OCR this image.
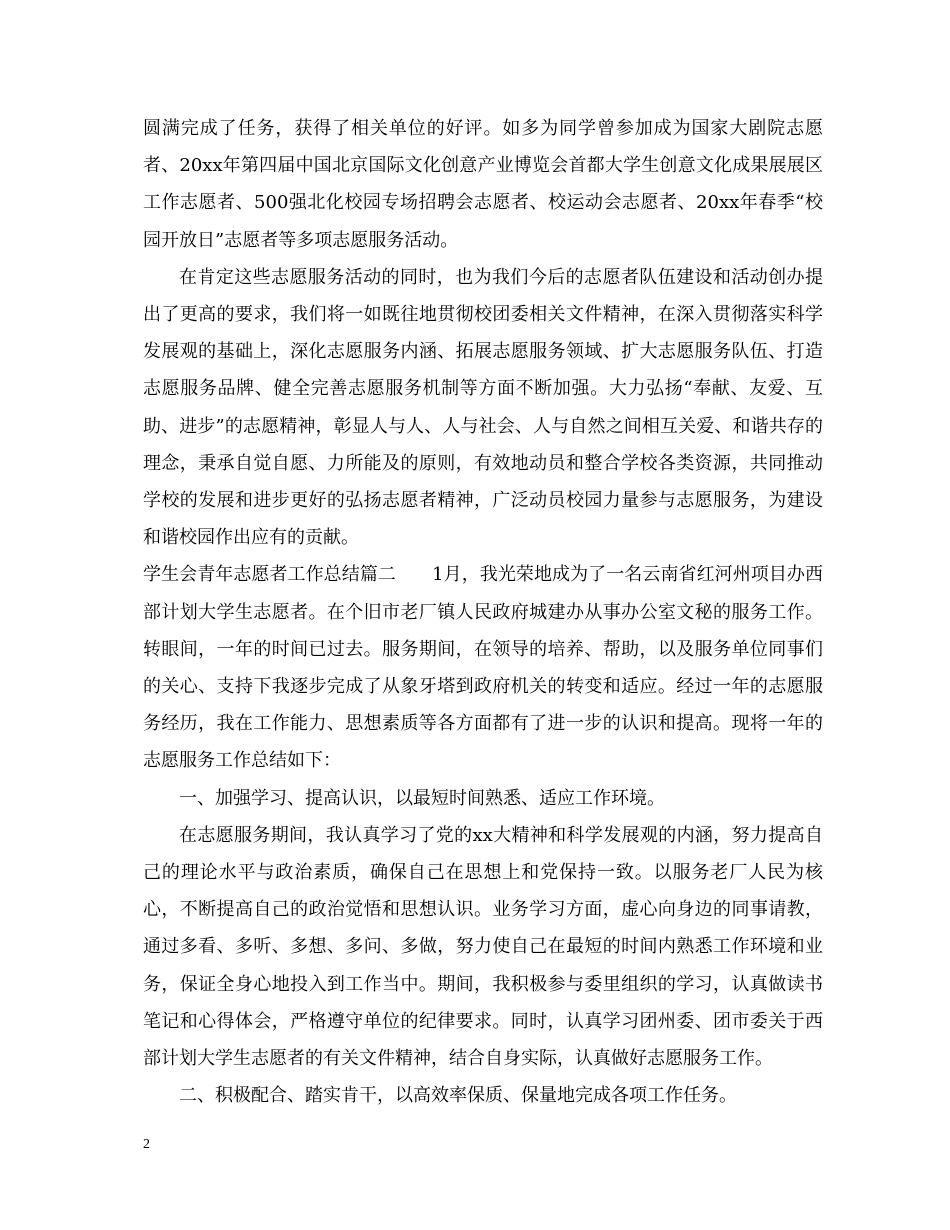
圆满完成了任务，获得了相关单位的好评。如多为同学曾参加成为国家大剧院志愿者、20xx年第四届中国北京国际文化创意产业博览会首都大学生创意文化成果展展区工作志愿者、500强北化校园专场招聘会志愿者、校运动会志愿者、20xx年春季“校园开放日”志愿者等多项志愿服务活动。

在肯定这些志愿服务活动的同时，也为我们今后的志愿者队伍建设和活动创办提出了更高的要求，我们将一如既往地贯彻校团委相关文件精神，在深入贯彻落实科学发展观的基础上，深化志愿服务内涵、拓展志愿服务领域、扩大志愿服务队伍、打造志愿服务品牌、健全完善志愿服务机制等方面不断加强。大力弘扬“奉献、友爱、互助、进步”的志愿精神，彰显人与人、人与社会、人与自然之间相互关爱、和谐共存的理念，秉承自觉自愿、力所能及的原则，有效地动员和整合学校各类资源，共同推动学校的发展和进步更好的弘扬志愿者精神，广泛动员校园力量参与志愿服务，为建设和谐校园作出应有的贡献。

学生会青年志愿者工作总结篇二　　1月，我光荣地成为了一名云南省红河州项目办西部计划大学生志愿者。在个旧市老厂镇人民政府城建办从事办公室文秘的服务工作。转眼间，一年的时间已过去。服务期间，在领导的培养、帮助，以及服务单位同事们的关心、支持下我逐步完成了从象牙塔到政府机关的转变和适应。经过一年的志愿服务经历，我在工作能力、思想素质等各方面都有了进一步的认识和提高。现将一年的志愿服务工作总结如下：

一、加强学习、提高认识，以最短时间熟悉、适应工作环境。

在志愿服务期间，我认真学习了党的xx大精神和科学发展观的内涵，努力提高自己的理论水平与政治素质，确保自己在思想上和党保持一致。以服务老厂人民为核心，不断提高自己的政治觉悟和思想认识。业务学习方面，虚心向身边的同事请教，通过多看、多听、多想、多问、多做，努力使自己在最短的时间内熟悉工作环境和业务，保证全身心地投入到工作当中。期间，我积极参与委里组织的学习，认真做读书笔记和心得体会，严格遵守单位的纪律要求。同时，认真学习团州委、团市委关于西部计划大学生志愿者的有关文件精神，结合自身实际，认真做好志愿服务工作。

二、积极配合、踏实肯干，以高效率保质、保量地完成各项工作任务。

2
